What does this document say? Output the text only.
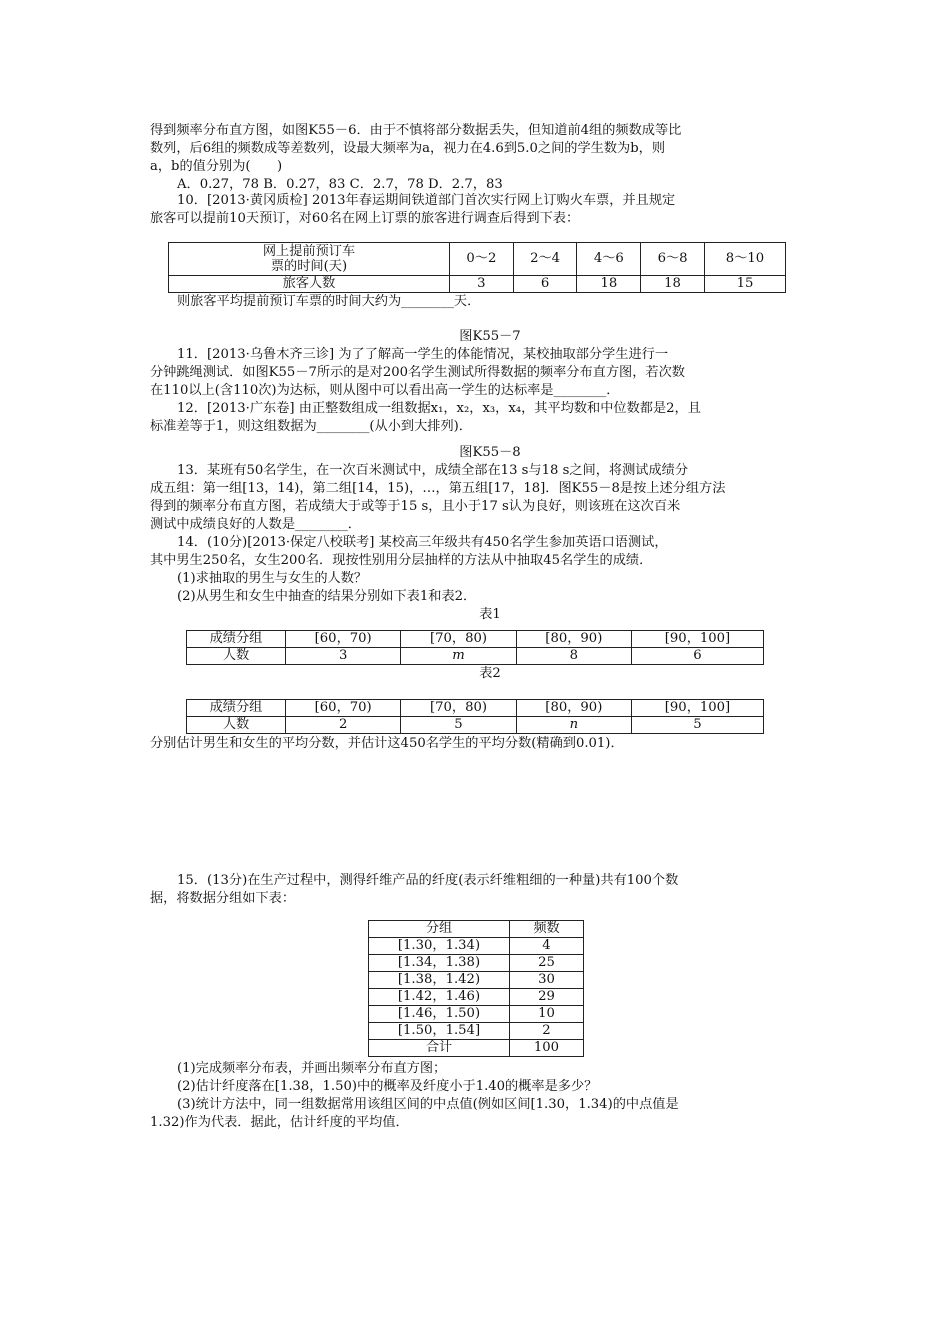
得到频率分布直方图，如图K55－6．由于不慎将部分数据丢失，但知道前4组的频数成等比

数列，后6组的频数成等差数列，设最大频率为a，视力在4.6到5.0之间的学生数为b，则

a，b的值分别为(　　)

A．0.27，78 B．0.27，83 C．2.7，78 D．2.7，83

10．[2013·黄冈质检] 2013年春运期间铁道部门首次实行网上订购火车票，并且规定

旅客可以提前10天预订，对60名在网上订票的旅客进行调查后得到下表：

网上提前预订车
票的时间(天)	0～2	2～4	4～6	6～8	8～10
旅客人数	3	6	18	18	15

则旅客平均提前预订车票的时间大约为________天．

图K55－7

11．[2013·乌鲁木齐三诊] 为了了解高一学生的体能情况，某校抽取部分学生进行一

分钟跳绳测试．如图K55－7所示的是对200名学生测试所得数据的频率分布直方图，若次数

在110以上(含110次)为达标，则从图中可以看出高一学生的达标率是________．

12．[2013·广东卷] 由正整数组成一组数据x₁，x₂，x₃，x₄，其平均数和中位数都是2，且

标准差等于1，则这组数据为________(从小到大排列)．

图K55－8

13．某班有50名学生，在一次百米测试中，成绩全部在13 s与18 s之间，将测试成绩分

成五组：第一组[13，14)，第二组[14，15)，…，第五组[17，18]．图K55－8是按上述分组方法

得到的频率分布直方图，若成绩大于或等于15 s，且小于17 s认为良好，则该班在这次百米

测试中成绩良好的人数是________．

14．(10分)[2013·保定八校联考] 某校高三年级共有450名学生参加英语口语测试，

其中男生250名，女生200名．现按性别用分层抽样的方法从中抽取45名学生的成绩．

(1)求抽取的男生与女生的人数？

(2)从男生和女生中抽查的结果分别如下表1和表2．

表1
成绩分组	[60，70)	[70，80)	[80，90)	[90，100]
人数	3	m	8	6
表2
成绩分组	[60，70)	[70，80)	[80，90)	[90，100]
人数	2	5	n	5

分别估计男生和女生的平均分数，并估计这450名学生的平均分数(精确到0.01)．

15．(13分)在生产过程中，测得纤维产品的纤度(表示纤维粗细的一种量)共有100个数

据，将数据分组如下表：

分组	频数
[1.30，1.34)	4
[1.34，1.38)	25
[1.38，1.42)	30
[1.42，1.46)	29
[1.46，1.50)	10
[1.50，1.54]	2
合计	100

(1)完成频率分布表，并画出频率分布直方图；

(2)估计纤度落在[1.38，1.50)中的概率及纤度小于1.40的概率是多少？

(3)统计方法中，同一组数据常用该组区间的中点值(例如区间[1.30，1.34)的中点值是

1.32)作为代表．据此，估计纤度的平均值．
